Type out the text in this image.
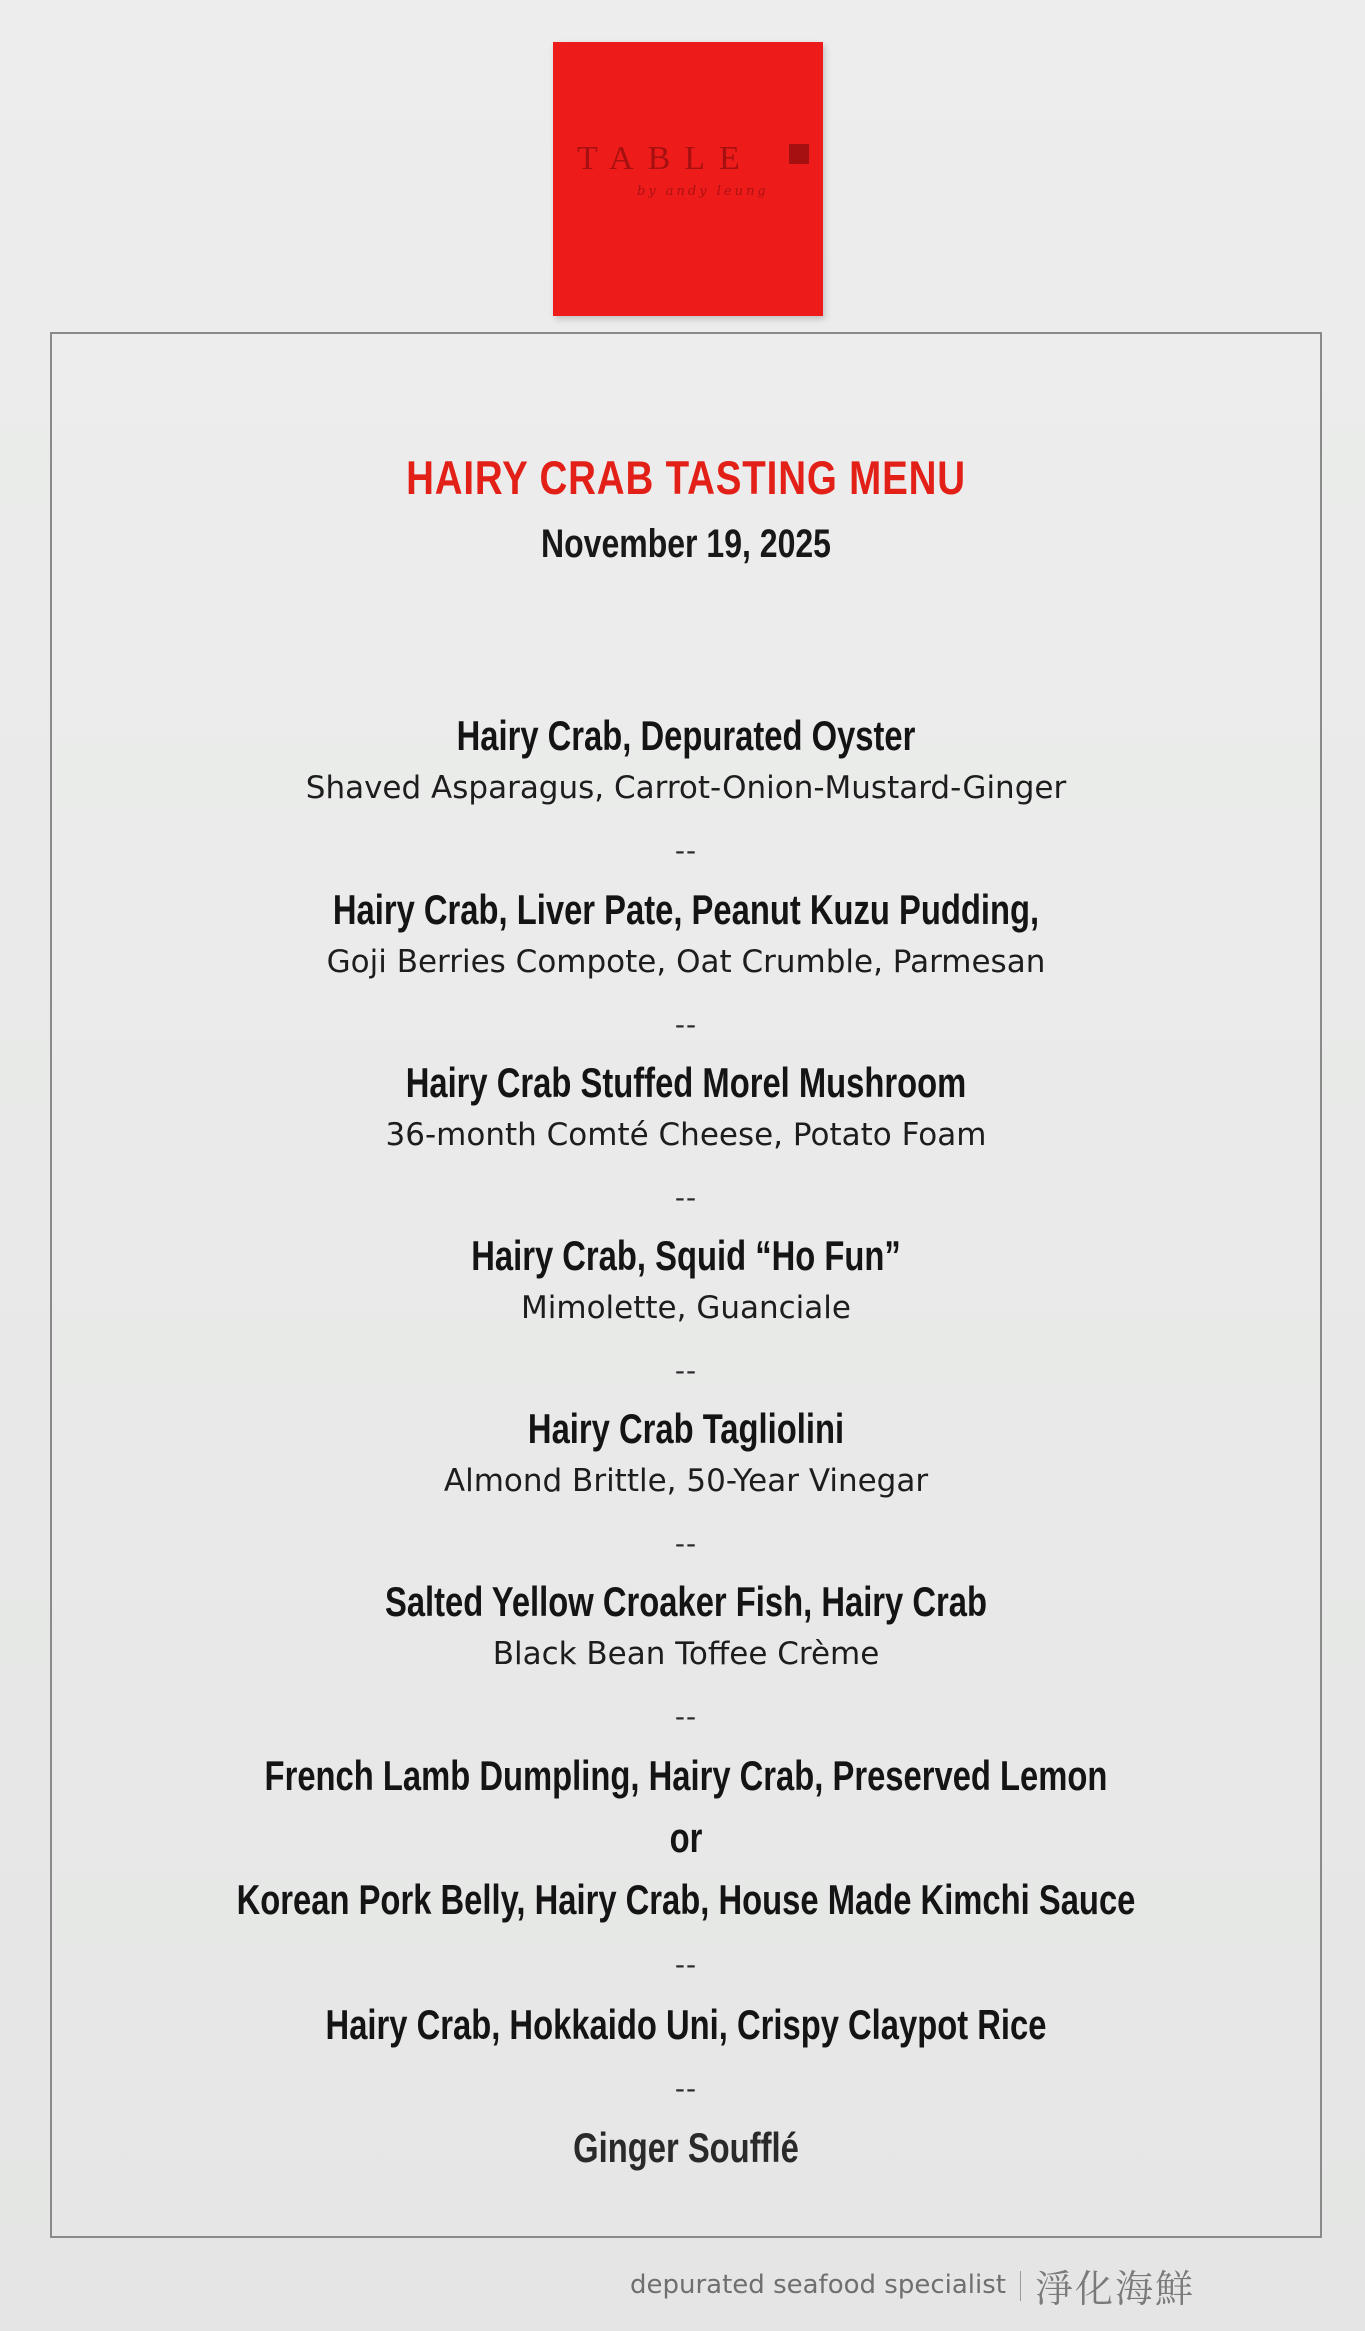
TABLE
by andy leung
HAIRY CRAB TASTING MENU
November 19, 2025
Hairy Crab, Depurated Oyster
Shaved Asparagus, Carrot-Onion-Mustard-Ginger
--
Hairy Crab, Liver Pate, Peanut Kuzu Pudding,
Goji Berries Compote, Oat Crumble, Parmesan
--
Hairy Crab Stuffed Morel Mushroom
36-month Comté Cheese, Potato Foam
--
Hairy Crab, Squid “Ho Fun”
Mimolette, Guanciale
--
Hairy Crab Tagliolini
Almond Brittle, 50-Year Vinegar
--
Salted Yellow Croaker Fish, Hairy Crab
Black Bean Toffee Crème
--
French Lamb Dumpling, Hairy Crab, Preserved Lemon
or
Korean Pork Belly, Hairy Crab, House Made Kimchi Sauce
--
Hairy Crab, Hokkaido Uni, Crispy Claypot Rice
--
Ginger Soufflé
depurated seafood specialist 淨化海鮮
